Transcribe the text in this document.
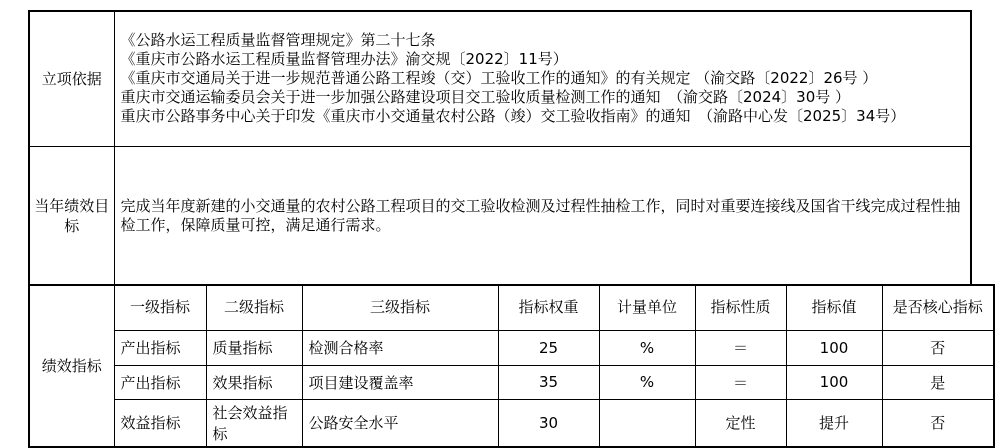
立项依据	《公路水运工程质量监督管理规定》第二十七条
《重庆市公路水运工程质量监督管理办法》渝交规〔2022〕11号）
《重庆市交通局关于进一步规范普通公路工程竣（交）工验收工作的通知》的有关规定 （渝交路〔2022〕26号 ）
重庆市交通运输委员会关于进一步加强公路建设项目交工验收质量检测工作的通知　（渝交路〔2024〕30号 ）
重庆市公路事务中心关于印发《重庆市小交通量农村公路（竣）交工验收指南》的通知　（渝路中心发〔2025〕34号）

当年绩效目标	完成当年度新建的小交通量的农村公路工程项目的交工验收检测及过程性抽检工作，同时对重要连接线及国省干线完成过程性抽检工作，保障质量可控，满足通行需求。
绩效指标	一级指标	二级指标	三级指标	指标权重	计量单位	指标性质	指标值	是否核心指标
	产出指标	质量指标	检测合格率	25	%	＝	100	否
	产出指标	效果指标	项目建设覆盖率	35	%	＝	100	是
	效益指标	社会效益指标	公路安全水平	30		定性	提升	否
